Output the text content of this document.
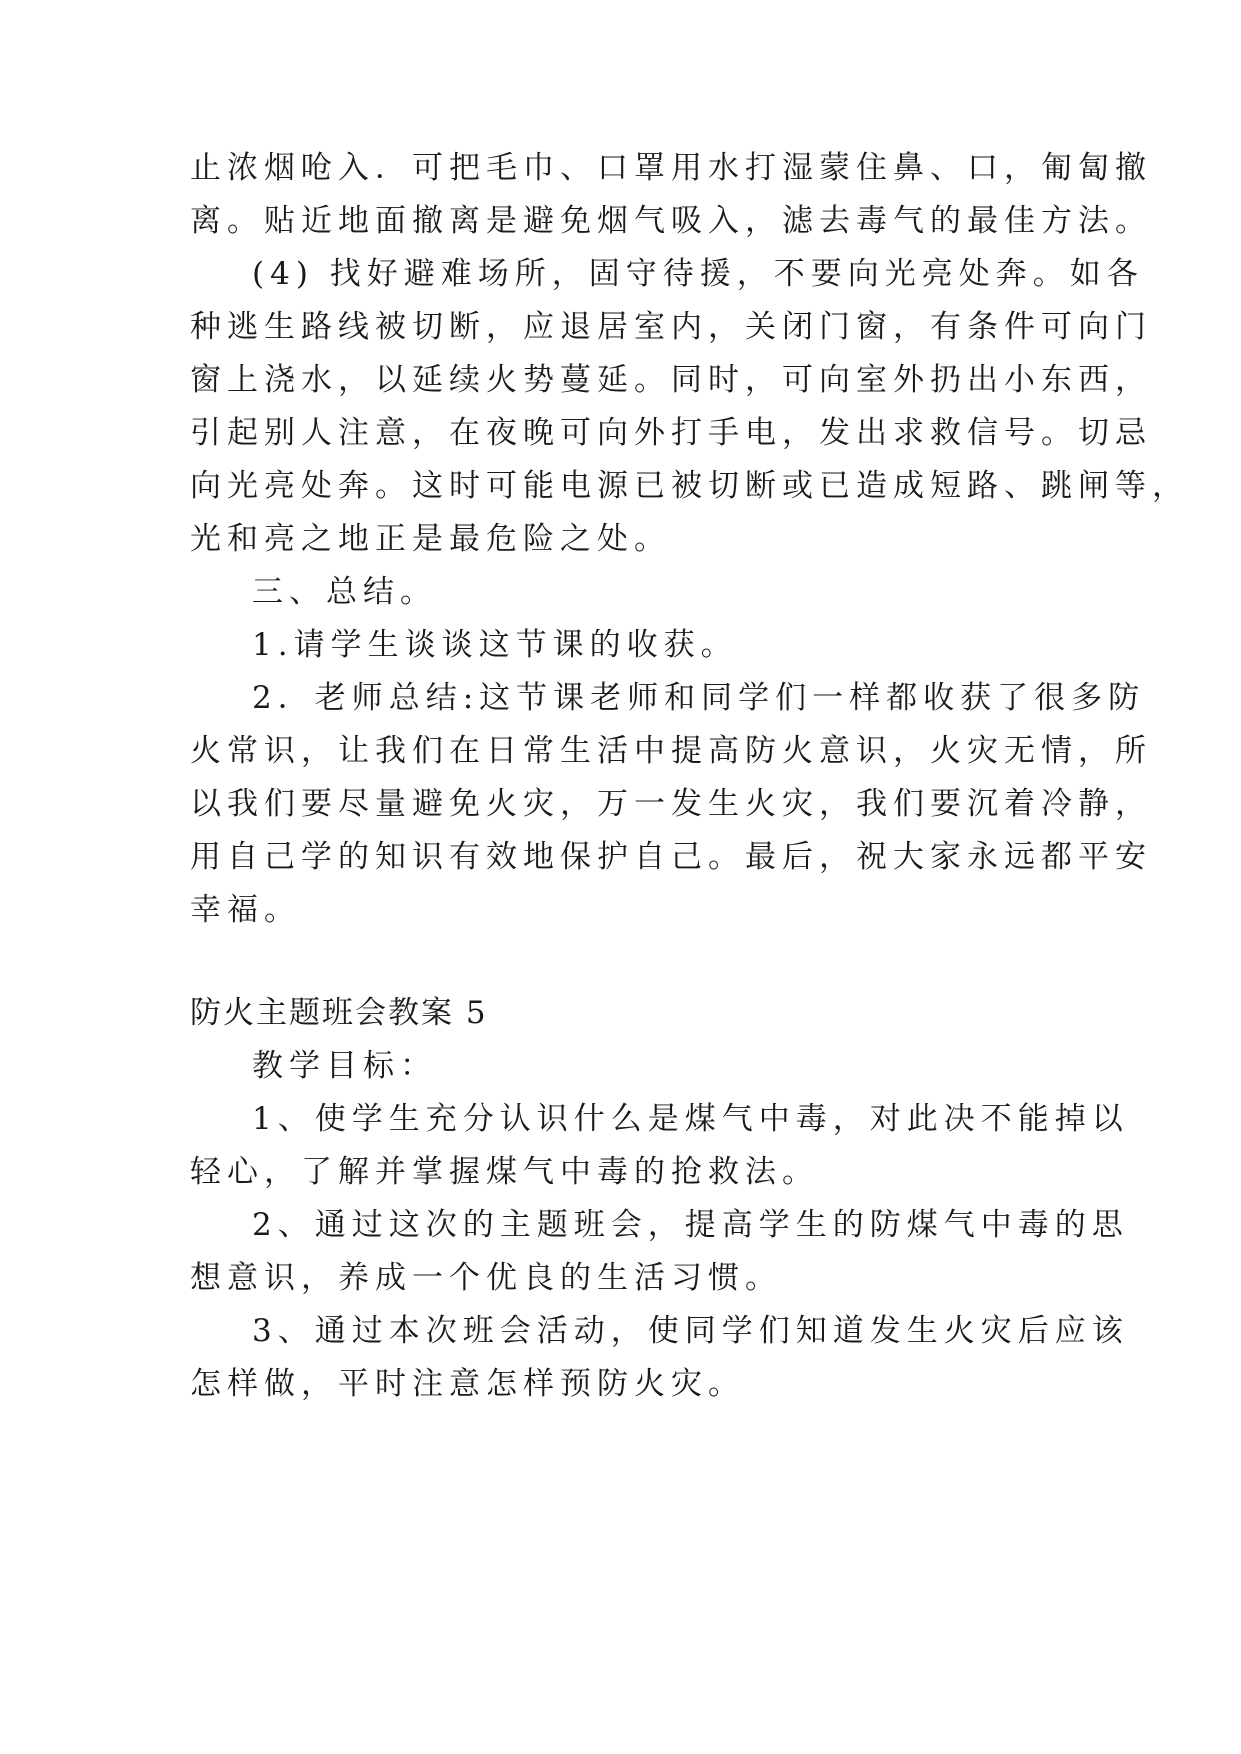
止浓烟呛入．可把毛巾、口罩用水打湿蒙住鼻、口，匍匐撤
离。贴近地面撤离是避免烟气吸入，滤去毒气的最佳方法。
(4) 找好避难场所，固守待援，不要向光亮处奔。如各
种逃生路线被切断，应退居室内，关闭门窗，有条件可向门
窗上浇水，以延续火势蔓延。同时，可向室外扔出小东西，
引起别人注意，在夜晚可向外打手电，发出求救信号。切忌
向光亮处奔。这时可能电源已被切断或已造成短路、跳闸等，
光和亮之地正是最危险之处。
三、总结。
1.请学生谈谈这节课的收获。
2．老师总结:这节课老师和同学们一样都收获了很多防
火常识，让我们在日常生活中提高防火意识，火灾无情，所
以我们要尽量避免火灾，万一发生火灾，我们要沉着冷静，
用自己学的知识有效地保护自己。最后，祝大家永远都平安
幸福。
防火主题班会教案 5
教学目标：
1、使学生充分认识什么是煤气中毒，对此决不能掉以
轻心，了解并掌握煤气中毒的抢救法。
2、通过这次的主题班会，提高学生的防煤气中毒的思
想意识，养成一个优良的生活习惯。
3、通过本次班会活动，使同学们知道发生火灾后应该
怎样做，平时注意怎样预防火灾。
